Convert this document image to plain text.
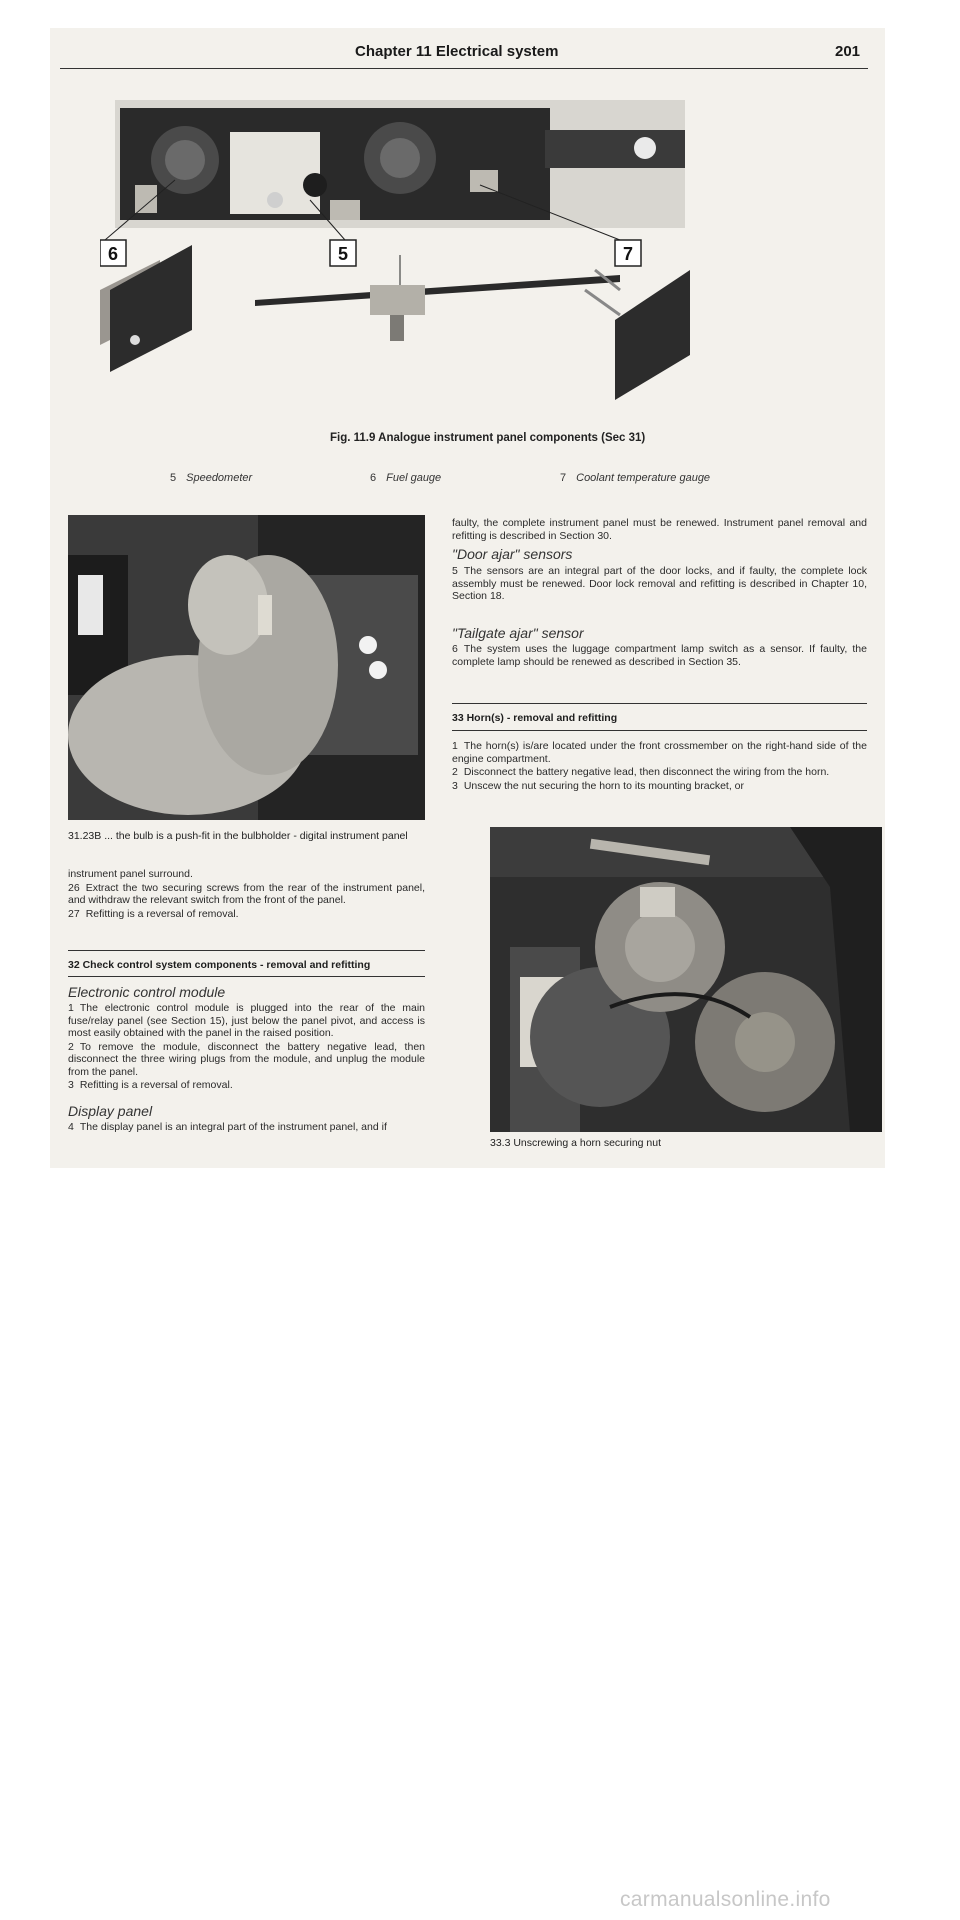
Chapter 11 Electrical system	201
6	5	7
Fig. 11.9 Analogue instrument panel components (Sec 31)
5 Speedometer	6 Fuel gauge	7 Coolant temperature gauge
31.23B ... the bulb is a push-fit in the bulbholder - digital instrument panel

instrument panel surround.

26 Extract the two securing screws from the rear of the instrument panel, and withdraw the relevant switch from the front of the panel.

27 Refitting is a reversal of removal.

32 Check control system components - removal and refitting
Electronic control module

1 The electronic control module is plugged into the rear of the main fuse/relay panel (see Section 15), just below the panel pivot, and access is most easily obtained with the panel in the raised position.

2 To remove the module, disconnect the battery negative lead, then disconnect the three wiring plugs from the module, and unplug the module from the panel.

3 Refitting is a reversal of removal.

Display panel
4 The display panel is an integral part of the instrument panel, and if
faulty, the complete instrument panel must be renewed. Instrument panel removal and refitting is described in Section 30.
"Door ajar" sensors
5 The sensors are an integral part of the door locks, and if faulty, the complete lock assembly must be renewed. Door lock removal and refitting is described in Chapter 10, Section 18.
"Tailgate ajar" sensor
6 The system uses the luggage compartment lamp switch as a sensor. If faulty, the complete lamp should be renewed as described in Section 35.
33 Horn(s) - removal and refitting

1 The horn(s) is/are located under the front crossmember on the right-hand side of the engine compartment.

2 Disconnect the battery negative lead, then disconnect the wiring from the horn.

3 Unscew the nut securing the horn to its mounting bracket, or

33.3 Unscrewing a horn securing nut
carmanualsonline.info
